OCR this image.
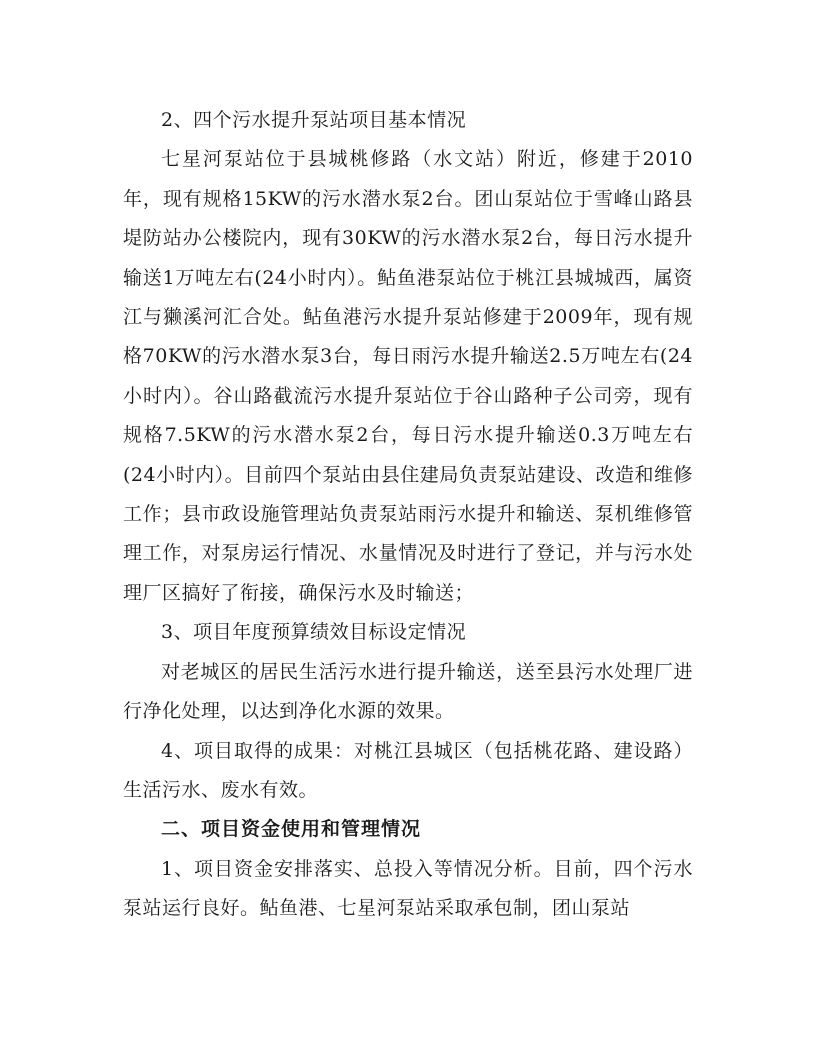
2、四个污水提升泵站项目基本情况

七星河泵站位于县城桃修路（水文站）附近，修建于2010年，现有规格15KW的污水潜水泵2台。团山泵站位于雪峰山路县堤防站办公楼院内，现有30KW的污水潜水泵2台，每日污水提升输送1万吨左右(24小时内）。鲇鱼港泵站位于桃江县城城西，属资江与獭溪河汇合处。鲇鱼港污水提升泵站修建于2009年，现有规格70KW的污水潜水泵3台，每日雨污水提升输送2.5万吨左右(24小时内）。谷山路截流污水提升泵站位于谷山路种子公司旁，现有规格7.5KW的污水潜水泵2台，每日污水提升输送0.3万吨左右(24小时内）。目前四个泵站由县住建局负责泵站建设、改造和维修工作；县市政设施管理站负责泵站雨污水提升和输送、泵机维修管理工作，对泵房运行情况、水量情况及时进行了登记，并与污水处理厂区搞好了衔接，确保污水及时输送；

3、项目年度预算绩效目标设定情况

对老城区的居民生活污水进行提升输送，送至县污水处理厂进行净化处理，以达到净化水源的效果。

4、项目取得的成果：对桃江县城区（包括桃花路、建设路）生活污水、废水有效。

二、项目资金使用和管理情况

1、项目资金安排落实、总投入等情况分析。目前，四个污水泵站运行良好。鲇鱼港、七星河泵站采取承包制，团山泵站
